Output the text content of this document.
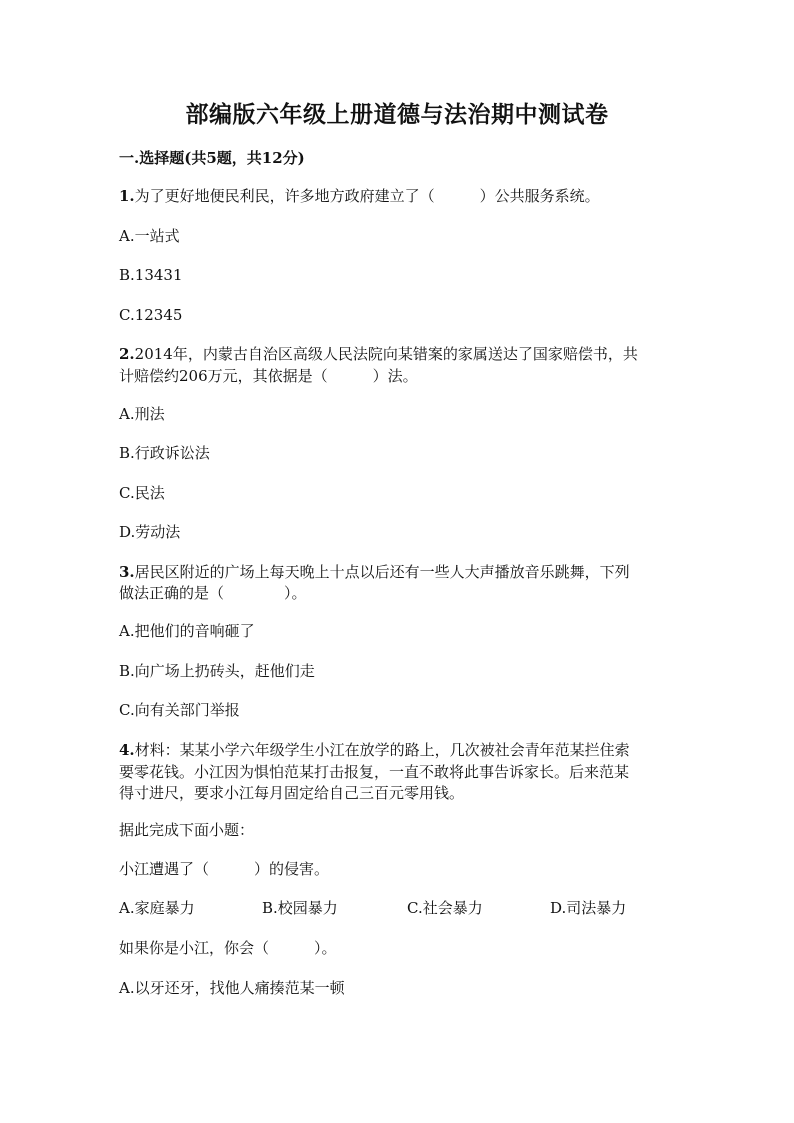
部编版六年级上册道德与法治期中测试卷
一.选择题(共5题，共12分)
1.为了更好地便民利民，许多地方政府建立了（　　　）公共服务系统。
A.一站式
B.13431
C.12345
2.2014年，内蒙古自治区高级人民法院向某错案的家属送达了国家赔偿书，共
计赔偿约206万元，其依据是（　　　）法。
A.刑法
B.行政诉讼法
C.民法
D.劳动法
3.居民区附近的广场上每天晚上十点以后还有一些人大声播放音乐跳舞，下列
做法正确的是（　　　　）。
A.把他们的音响砸了
B.向广场上扔砖头，赶他们走
C.向有关部门举报
4.材料：某某小学六年级学生小江在放学的路上，几次被社会青年范某拦住索
要零花钱。小江因为惧怕范某打击报复，一直不敢将此事告诉家长。后来范某
得寸进尺，要求小江每月固定给自己三百元零用钱。
据此完成下面小题：
小江遭遇了（　　　）的侵害。
A.家庭暴力	B.校园暴力	C.社会暴力	D.司法暴力
如果你是小江，你会（　　　）。
A.以牙还牙，找他人痛揍范某一顿
